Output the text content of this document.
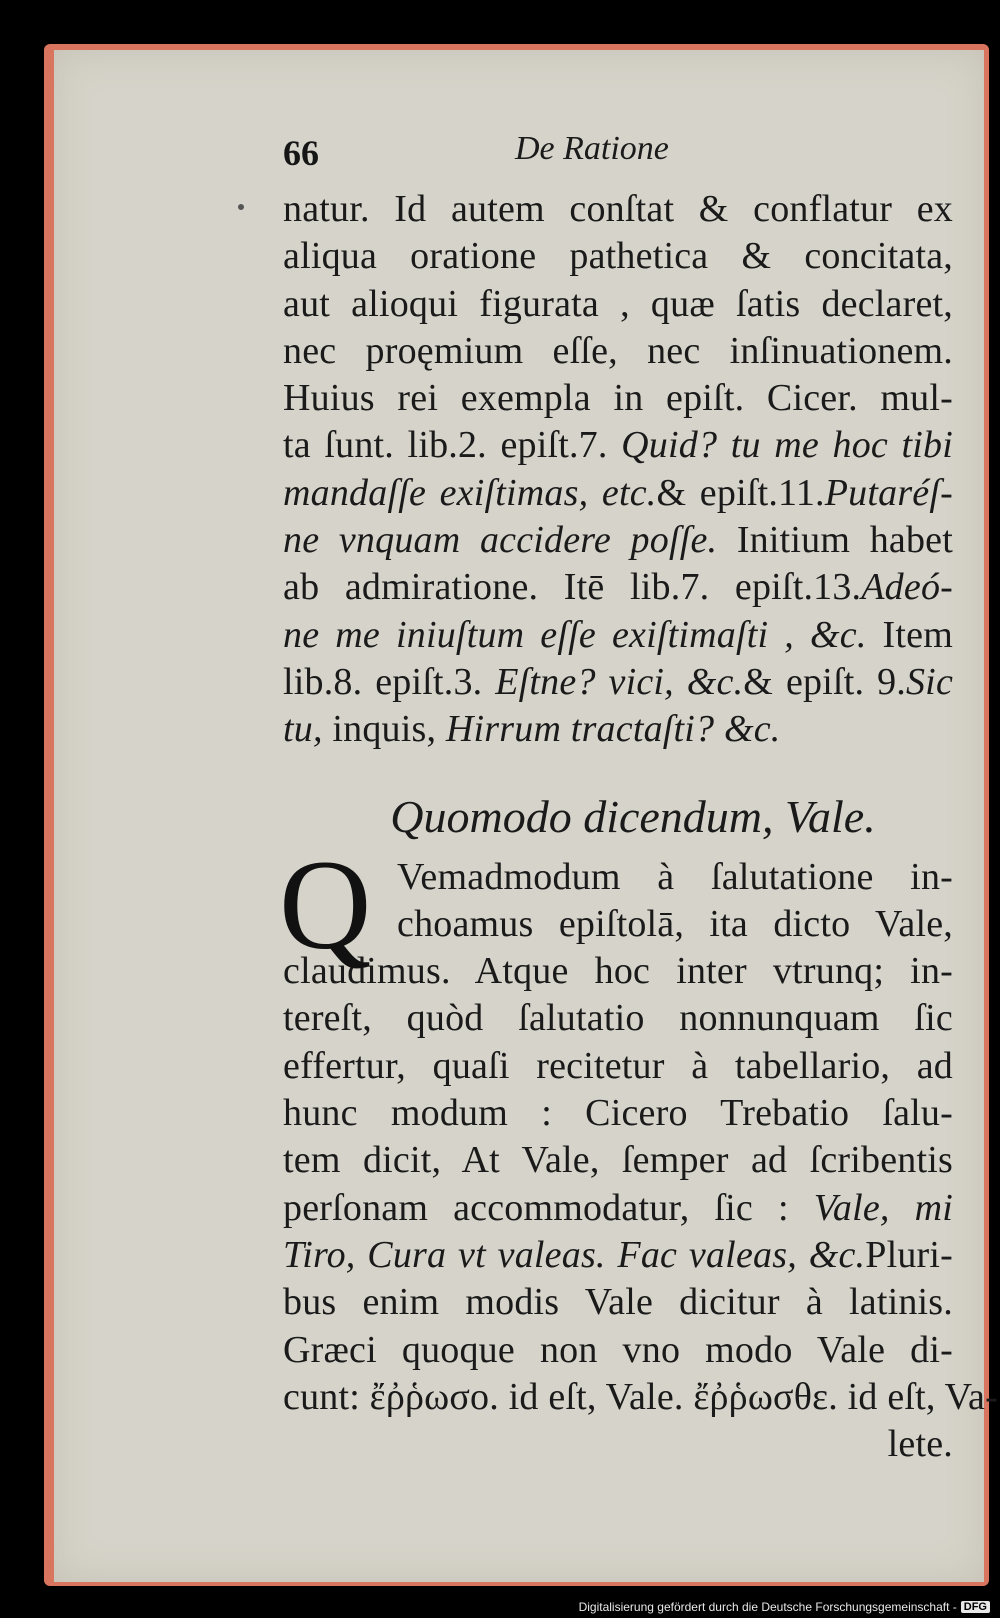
66	De Ratione
natur. Id autem conſtat & conflatur ex
aliqua oratione pathetica & concitata,
aut alioqui figurata , quæ ſatis declaret,
nec proęmium eſſe, nec inſinuationem.
Huius rei exempla in epiſt. Cicer. mul-
ta ſunt. lib.2. epiſt.7. Quid? tu me hoc tibi
mandaſſe exiſtimas, etc.& epiſt.11.Putaréſ-
ne vnquam accidere poſſe. Initium habet
ab admiratione. Itē lib.7. epiſt.13.Adeó-
ne me iniuſtum eſſe exiſtimaſti , &c. Item
lib.8. epiſt.3. Eſtne? vici, &c.& epiſt. 9.Sic
tu, inquis, Hirrum tractaſti? &c.
Quomodo dicendum, Vale.
Q Vemadmodum à ſalutatione in-
choamus epiſtolā, ita dicto Vale,
claudimus. Atque hoc inter vtrunq; in-
tereſt, quòd ſalutatio nonnunquam ſic
effertur, quaſi recitetur à tabellario, ad
hunc modum : Cicero Trebatio ſalu-
tem dicit, At Vale, ſemper ad ſcribentis
perſonam accommodatur, ſic : Vale, mi
Tiro, Cura vt valeas. Fac valeas, &c.Pluri-
bus enim modis Vale dicitur à latinis.
Græci quoque non vno modo Vale di-
cunt: ἔῤῥωσο. id eſt, Vale. ἔῤῥωσθε. id eſt, Va-
lete.
Digitalisierung gefördert durch die Deutsche Forschungsgemeinschaft - DFG
